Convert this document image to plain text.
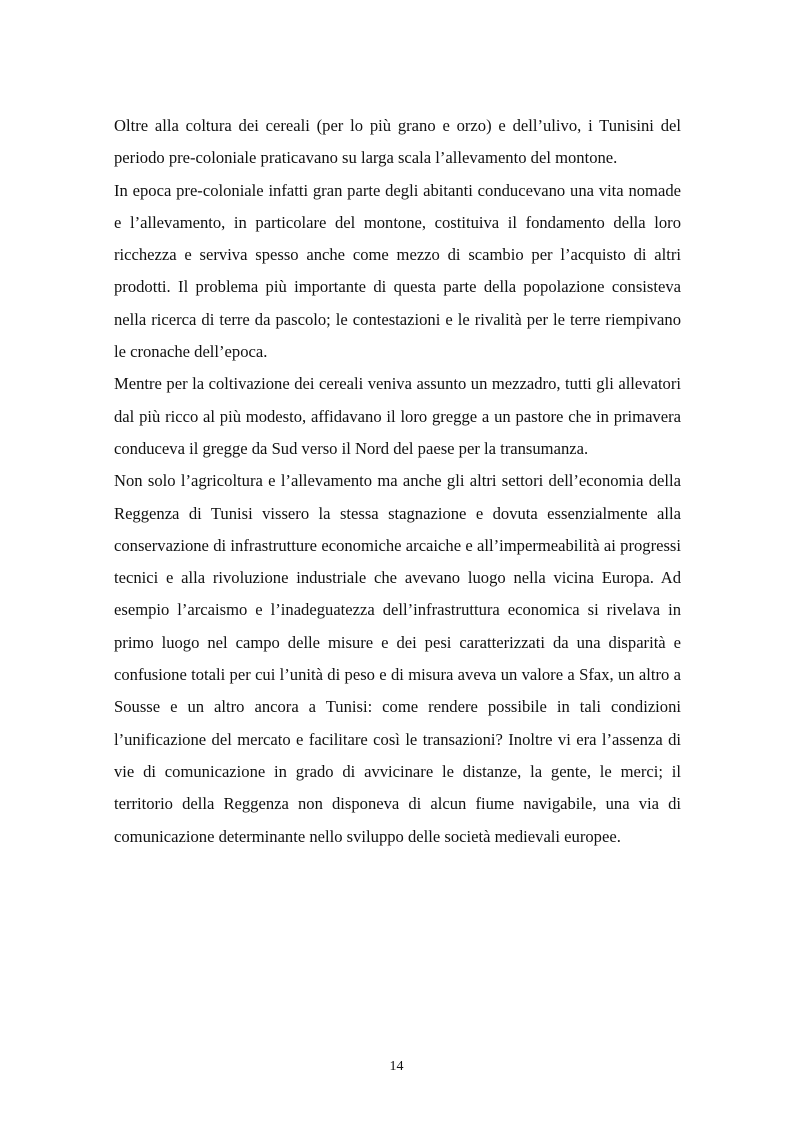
Oltre alla coltura dei cereali (per lo più grano e orzo) e dell’ulivo, i Tunisini del periodo pre-coloniale praticavano su larga scala l’allevamento del montone.

In epoca pre-coloniale infatti gran parte degli abitanti conducevano una vita nomade e l’allevamento, in particolare del montone, costituiva il fondamento della loro ricchezza e serviva spesso anche come mezzo di scambio per l’acquisto di altri prodotti. Il problema più importante di questa parte della popolazione consisteva nella ricerca di terre da pascolo; le contestazioni e le rivalità per le terre riempivano le cronache dell’epoca.

Mentre per la coltivazione dei cereali veniva assunto un mezzadro, tutti gli allevatori dal più ricco al più modesto, affidavano il loro gregge a un pastore che in primavera conduceva il gregge da Sud verso il Nord del paese per la transumanza.

Non solo l’agricoltura e l’allevamento ma anche gli altri settori dell’economia della Reggenza di Tunisi vissero la stessa stagnazione e dovuta essenzialmente alla conservazione di infrastrutture economiche arcaiche e all’impermeabilità ai progressi tecnici e alla rivoluzione industriale che avevano luogo nella vicina Europa. Ad esempio l’arcaismo e l’inadeguatezza dell’infrastruttura economica si rivelava in primo luogo nel campo delle misure e dei pesi caratterizzati da una disparità e confusione totali per cui l’unità di peso e di misura aveva un valore a Sfax, un altro a Sousse e un altro ancora a Tunisi: come rendere possibile in tali condizioni l’unificazione del mercato e facilitare così le transazioni? Inoltre vi era l’assenza di vie di comunicazione in grado di avvicinare le distanze, la gente, le merci; il territorio della Reggenza non disponeva di alcun fiume navigabile, una via di comunicazione determinante nello sviluppo delle società medievali europee.

14
